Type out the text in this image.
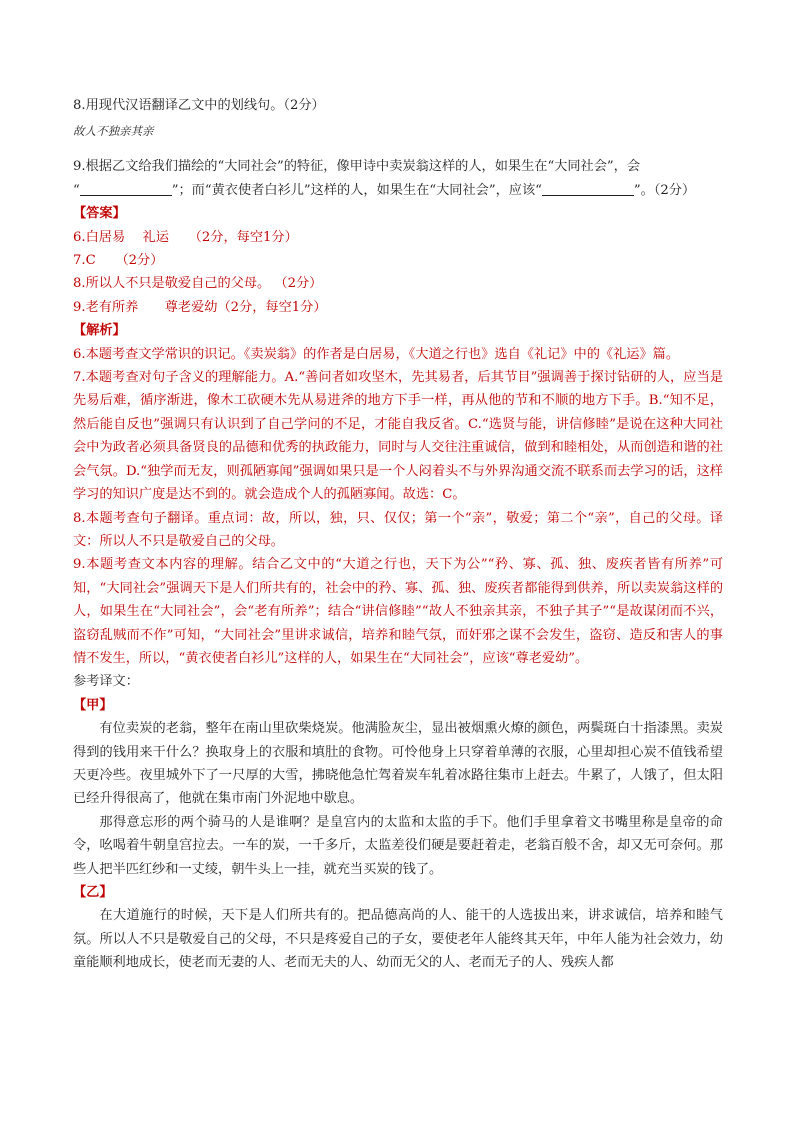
8.用现代汉语翻译乙文中的划线句。（2分）
故人不独亲其亲
9.根据乙文给我们描绘的“大同社会”的特征，像甲诗中卖炭翁这样的人，如果生在“大同社会”，会
“	”；而“黄衣使者白衫儿”这样的人，如果生在“大同社会”，应该“	”。（2分）
【答案】
6.白居易　 礼运　　（2分，每空1分）
7.C　　（2分）
8.所以人不只是敬爱自己的父母。 （2分）
9.老有所养　　尊老爱幼（2分，每空1分）
【解析】

6.本题考查文学常识的识记。《卖炭翁》的作者是白居易，《大道之行也》选自《礼记》中的《礼运》篇。

7.本题考查对句子含义的理解能力。A.“善问者如攻坚木，先其易者，后其节目”强调善于探讨钻研的人，应当是先易后难，循序渐进，像木工砍硬木先从易进斧的地方下手一样，再从他的节和不顺的地方下手。B.“知不足，然后能自反也”强调只有认识到了自己学问的不足，才能自我反省。C.“选贤与能，讲信修睦”是说在这种大同社会中为政者必须具备贤良的品德和优秀的执政能力，同时与人交往注重诚信，做到和睦相处，从而创造和谐的社会气氛。D.“独学而无友，则孤陋寡闻”强调如果只是一个人闷着头不与外界沟通交流不联系而去学习的话，这样学习的知识广度是达不到的。就会造成个人的孤陋寡闻。故选：C。

8.本题考查句子翻译。重点词：故，所以，独，只、仅仅；第一个“亲”，敬爱；第二个“亲”，自己的父母。译文：所以人不只是敬爱自己的父母。

9.本题考查文本内容的理解。结合乙文中的“大道之行也，天下为公”“矜、寡、孤、独、废疾者皆有所养”可知，“大同社会”强调天下是人们所共有的，社会中的矜、寡、孤、独、废疾者都能得到供养，所以卖炭翁这样的人，如果生在“大同社会”，会“老有所养”；结合“讲信修睦”“故人不独亲其亲，不独子其子”“是故谋闭而不兴，盗窃乱贼而不作”可知，“大同社会”里讲求诚信，培养和睦气氛，而奸邪之谋不会发生，盗窃、造反和害人的事情不发生，所以，“黄衣使者白衫儿”这样的人，如果生在“大同社会”，应该“尊老爱幼”。

参考译文：
【甲】

有位卖炭的老翁，整年在南山里砍柴烧炭。他满脸灰尘，显出被烟熏火燎的颜色，两鬓斑白十指漆黑。卖炭得到的钱用来干什么？换取身上的衣服和填肚的食物。可怜他身上只穿着单薄的衣服，心里却担心炭不值钱希望天更冷些。夜里城外下了一尺厚的大雪，拂晓他急忙驾着炭车轧着冰路往集市上赶去。牛累了，人饿了，但太阳已经升得很高了，他就在集市南门外泥地中歇息。

那得意忘形的两个骑马的人是谁啊？是皇宫内的太监和太监的手下。他们手里拿着文书嘴里称是皇帝的命令，吆喝着牛朝皇宫拉去。一车的炭，一千多斤，太监差役们硬是要赶着走，老翁百般不舍，却又无可奈何。那些人把半匹红纱和一丈绫，朝牛头上一挂，就充当买炭的钱了。

【乙】

在大道施行的时候，天下是人们所共有的。把品德高尚的人、能干的人选拔出来，讲求诚信，培养和睦气氛。所以人不只是敬爱自己的父母，不只是疼爱自己的子女，要使老年人能终其天年，中年人能为社会效力，幼童能顺利地成长，使老而无妻的人、老而无夫的人、幼而无父的人、老而无子的人、残疾人都
